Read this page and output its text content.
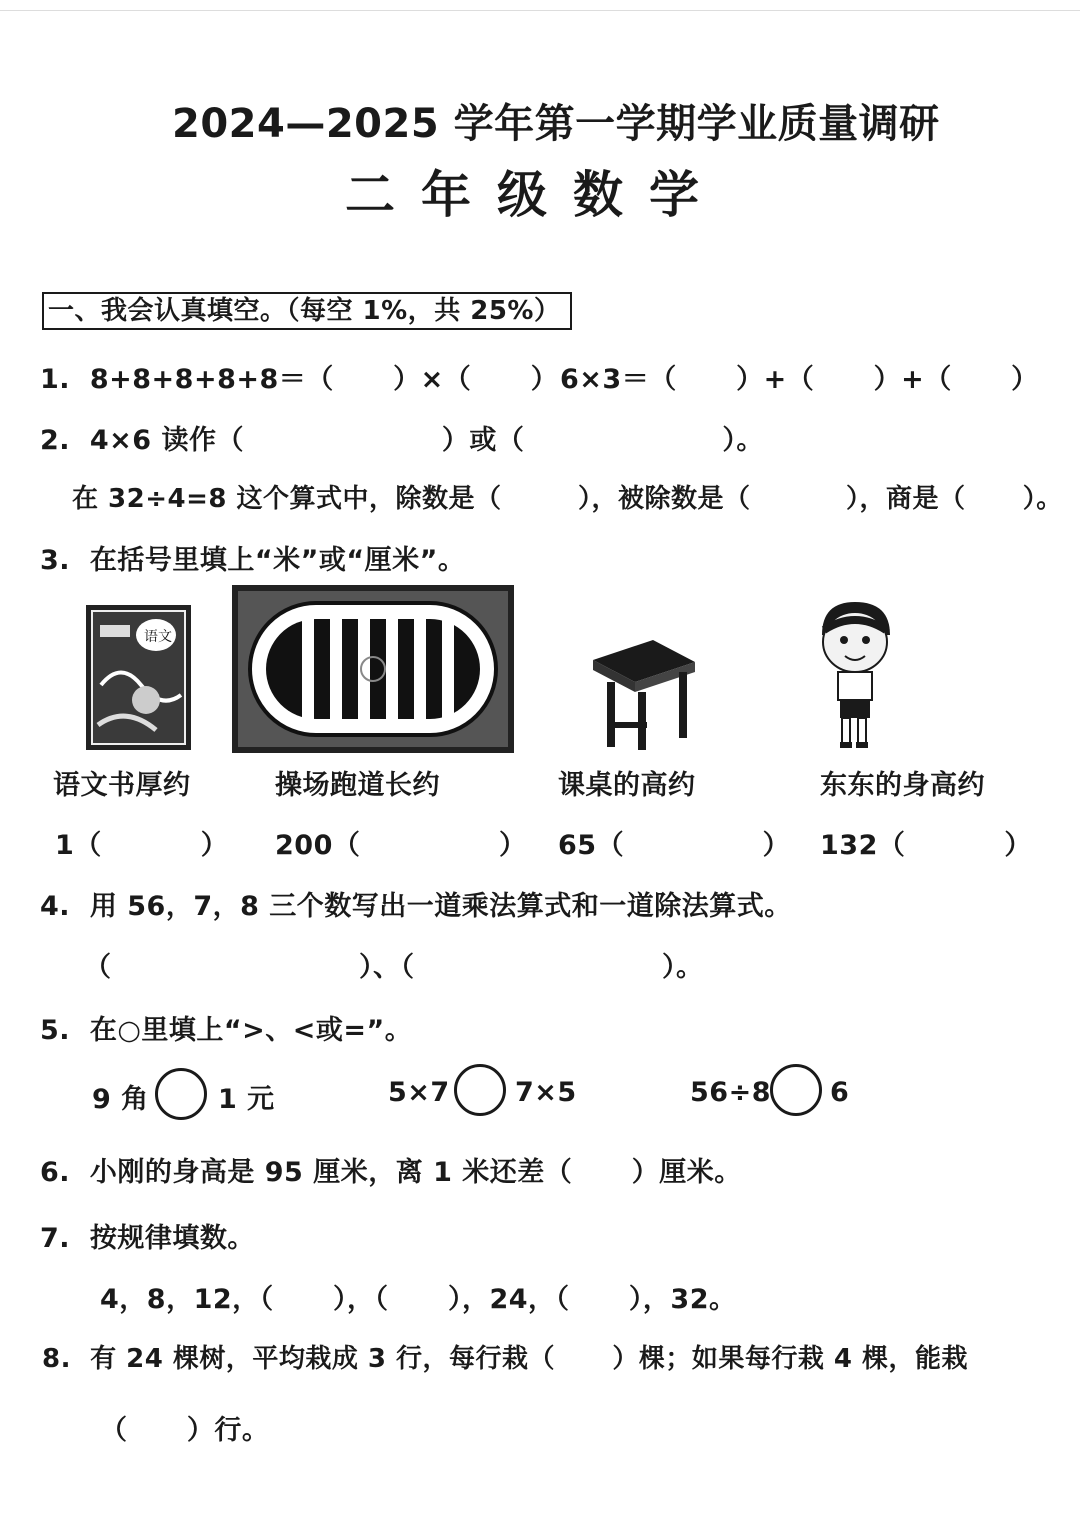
2024—2025 学年第一学期学业质量调研
二年级数学
一、我会认真填空。（每空 1%，共 25%）
1.  8+8+8+8+8＝（      ）×（      ） 6×3＝（      ）+（      ）+（      ）
2.  4×6 读作（                    ）或（                    ）。
在 32÷4=8 这个算式中，除数是（        ），被除数是（          ），商是（      ）。
3.  在括号里填上“米”或“厘米”。
语文
语文书厚约	操场跑道长约	课桌的高约	东东的身高约
1（          ） 200（              ） 65（              ） 132（          ）
4.  用 56，7，8 三个数写出一道乘法算式和一道除法算式。
（                         ）、（                         ）。
5.  在○里填上“>、<或=”。
9 角	1 元	5×7 7×5	56÷8 6
6.  小刚的身高是 95 厘米，离 1 米还差（      ）厘米。
7.  按规律填数。
4，8，12，（      ），（      ），24，（      ），32。
8.  有 24 棵树，平均栽成 3 行，每行栽（      ）棵；如果每行栽 4 棵，能栽
（      ）行。
